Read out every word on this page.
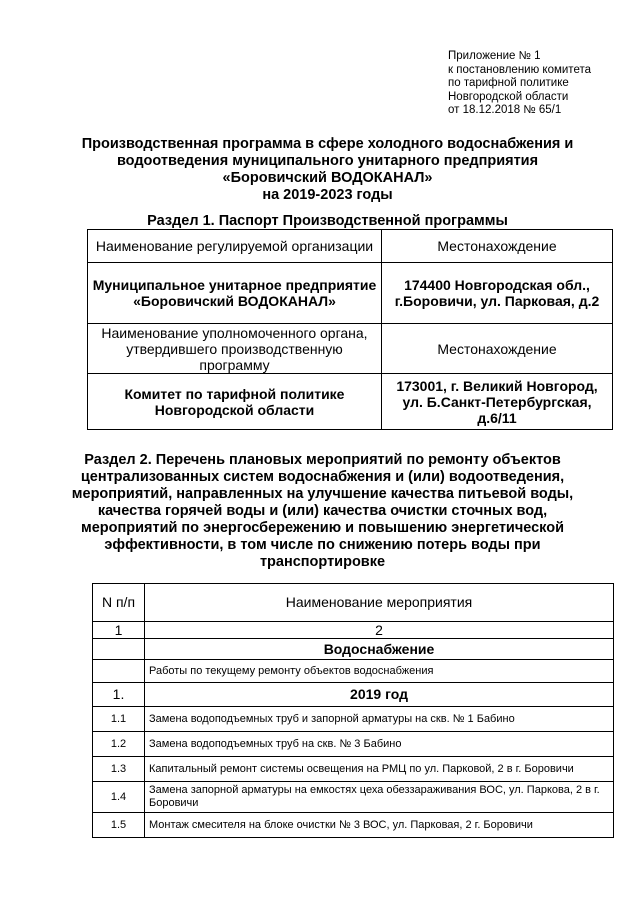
Приложение № 1
к постановлению комитета
по тарифной политике
Новгородской области
от 18.12.2018 № 65/1
Производственная программа в сфере холодного водоснабжения и
водоотведения муниципального унитарного предприятия
«Боровичский ВОДОКАНАЛ»
на 2019-2023 годы
Раздел 1. Паспорт Производственной программы
Наименование регулируемой организации	Местонахождение
Муниципальное унитарное предприятие «Боровичский ВОДОКАНАЛ»	174400 Новгородская обл., г.Боровичи, ул. Парковая, д.2
Наименование уполномоченного органа, утвердившего производственную программу	Местонахождение
Комитет по тарифной политике Новгородской области	173001, г. Великий Новгород, ул. Б.Санкт-Петербургская, д.6/11
Раздел 2. Перечень плановых мероприятий по ремонту объектов
централизованных систем водоснабжения и (или) водоотведения,
мероприятий, направленных на улучшение качества питьевой воды,
качества горячей воды и (или) качества очистки сточных вод,
мероприятий по энергосбережению и повышению энергетической
эффективности, в том числе по снижению потерь воды при
транспортировке
N п/п	Наименование мероприятия
1	2
	Водоснабжение
	Работы по текущему ремонту объектов водоснабжения
1.	2019 год
1.1	Замена водоподъемных труб и запорной арматуры на скв. № 1 Бабино
1.2	Замена водоподъемных труб на скв. № 3 Бабино
1.3	Капитальный ремонт системы освещения на РМЦ по ул. Парковой, 2 в г. Боровичи
1.4	Замена запорной арматуры на емкостях цеха обеззараживания ВОС, ул. Паркова, 2 в г. Боровичи
1.5	Монтаж смесителя на блоке очистки № 3 ВОС, ул. Парковая, 2 г. Боровичи
